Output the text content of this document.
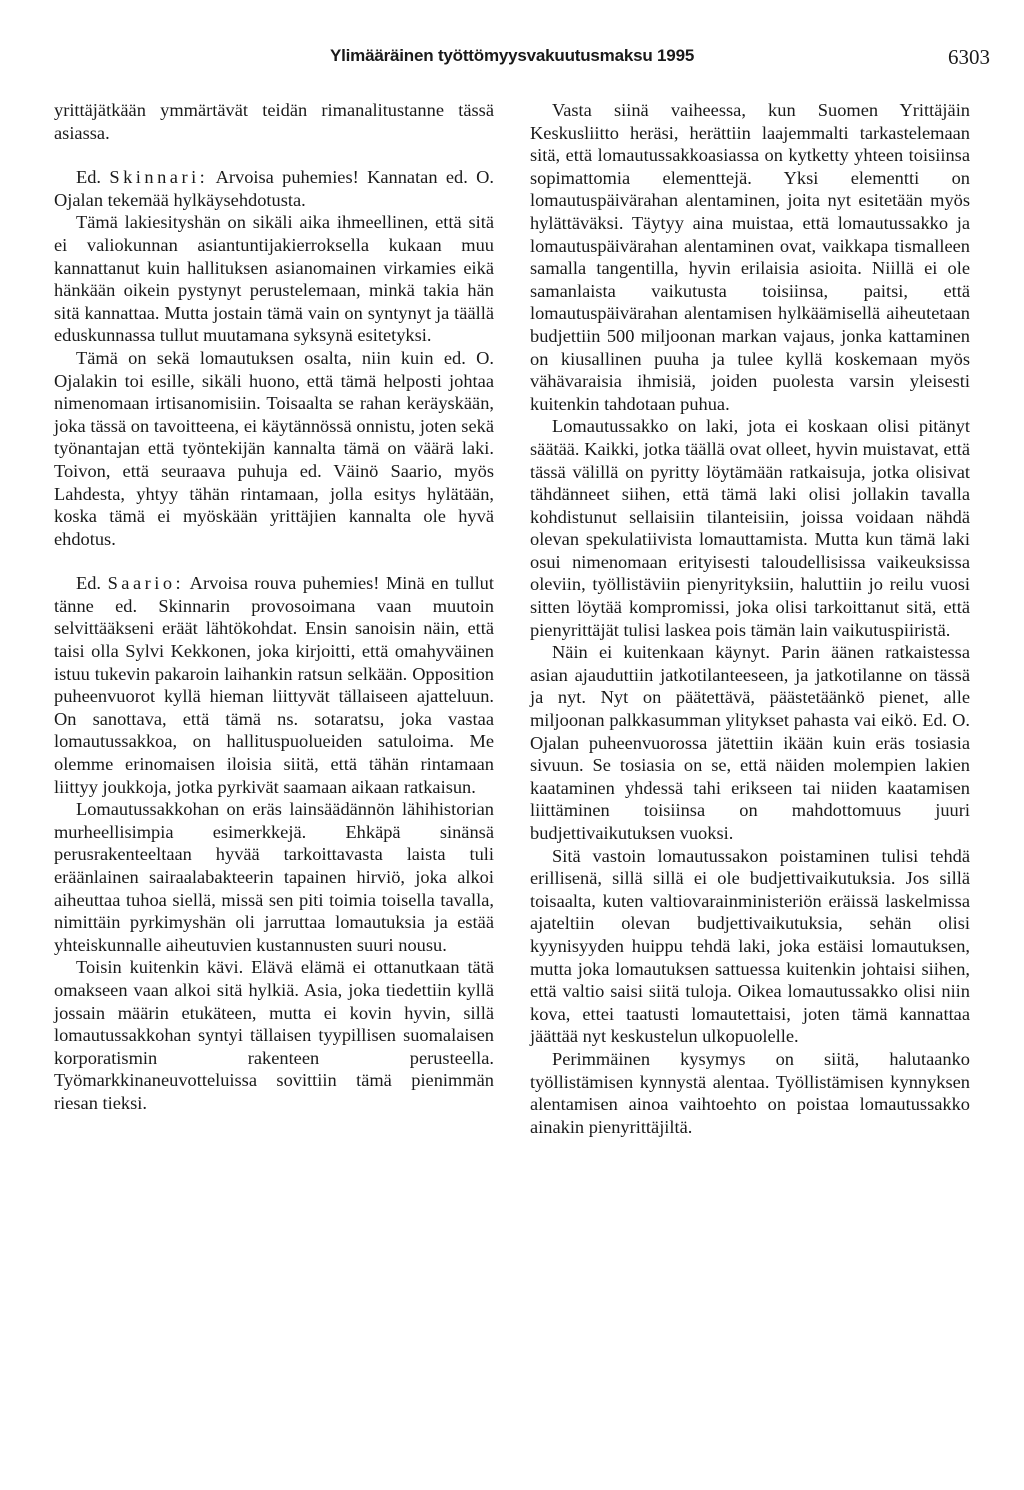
Ylimääräinen työttömyysvakuutusmaksu 1995	6303

yrittäjätkään ymmärtävät teidän rimanalitustanne tässä asiassa.

Ed. Skinnari: Arvoisa puhemies! Kannatan ed. O. Ojalan tekemää hylkäysehdotusta.

Tämä lakiesityshän on sikäli aika ihmeellinen, että sitä ei valiokunnan asiantuntijakierroksella kukaan muu kannattanut kuin hallituksen asianomainen virkamies eikä hänkään oikein pystynyt perustelemaan, minkä takia hän sitä kannattaa. Mutta jostain tämä vain on syntynyt ja täällä eduskunnassa tullut muutamana syksynä esitetyksi.

Tämä on sekä lomautuksen osalta, niin kuin ed. O. Ojalakin toi esille, sikäli huono, että tämä helposti johtaa nimenomaan irtisanomisiin. Toisaalta se rahan keräyskään, joka tässä on tavoitteena, ei käytännössä onnistu, joten sekä työnantajan että työntekijän kannalta tämä on väärä laki. Toivon, että seuraava puhuja ed. Väinö Saario, myös Lahdesta, yhtyy tähän rintamaan, jolla esitys hylätään, koska tämä ei myöskään yrittäjien kannalta ole hyvä ehdotus.

Ed. Saario: Arvoisa rouva puhemies! Minä en tullut tänne ed. Skinnarin provosoimana vaan muutoin selvittääkseni eräät lähtökohdat. Ensin sanoisin näin, että taisi olla Sylvi Kekkonen, joka kirjoitti, että omahyväinen istuu tukevin pakaroin laihankin ratsun selkään. Opposition puheenvuorot kyllä hieman liittyvät tällaiseen ajatteluun. On sanottava, että tämä ns. sotaratsu, joka vastaa lomautussakkoa, on hallituspuolueiden satuloima. Me olemme erinomaisen iloisia siitä, että tähän rintamaan liittyy joukkoja, jotka pyrkivät saamaan aikaan ratkaisun.

Lomautussakkohan on eräs lainsäädännön lähihistorian murheellisimpia esimerkkejä. Ehkäpä sinänsä perusrakenteeltaan hyvää tarkoittavasta laista tuli eräänlainen sairaalabakteerin tapainen hirviö, joka alkoi aiheuttaa tuhoa siellä, missä sen piti toimia toisella tavalla, nimittäin pyrkimyshän oli jarruttaa lomautuksia ja estää yhteiskunnalle aiheutuvien kustannusten suuri nousu.

Toisin kuitenkin kävi. Elävä elämä ei ottanutkaan tätä omakseen vaan alkoi sitä hylkiä. Asia, joka tiedettiin kyllä jossain määrin etukäteen, mutta ei kovin hyvin, sillä lomautussakkohan syntyi tällaisen tyypillisen suomalaisen korporatismin rakenteen perusteella. Työmarkkinaneuvotteluissa sovittiin tämä pienimmän riesan tieksi.

Vasta siinä vaiheessa, kun Suomen Yrittäjäin Keskusliitto heräsi, herättiin laajemmalti tarkastelemaan sitä, että lomautussakkoasiassa on kytketty yhteen toisiinsa sopimattomia elementtejä. Yksi elementti on lomautuspäivärahan alentaminen, joita nyt esitetään myös hylättäväksi. Täytyy aina muistaa, että lomautussakko ja lomautuspäivärahan alentaminen ovat, vaikkapa tismalleen samalla tangentilla, hyvin erilaisia asioita. Niillä ei ole samanlaista vaikutusta toisiinsa, paitsi, että lomautuspäivärahan alentamisen hylkäämisellä aiheutetaan budjettiin 500 miljoonan markan vajaus, jonka kattaminen on kiusallinen puuha ja tulee kyllä koskemaan myös vähävaraisia ihmisiä, joiden puolesta varsin yleisesti kuitenkin tahdotaan puhua.

Lomautussakko on laki, jota ei koskaan olisi pitänyt säätää. Kaikki, jotka täällä ovat olleet, hyvin muistavat, että tässä välillä on pyritty löytämään ratkaisuja, jotka olisivat tähdänneet siihen, että tämä laki olisi jollakin tavalla kohdistunut sellaisiin tilanteisiin, joissa voidaan nähdä olevan spekulatiivista lomauttamista. Mutta kun tämä laki osui nimenomaan erityisesti taloudellisissa vaikeuksissa oleviin, työllistäviin pienyrityksiin, haluttiin jo reilu vuosi sitten löytää kompromissi, joka olisi tarkoittanut sitä, että pienyrittäjät tulisi laskea pois tämän lain vaikutuspiiristä.

Näin ei kuitenkaan käynyt. Parin äänen ratkaistessa asian ajauduttiin jatkotilanteeseen, ja jatkotilanne on tässä ja nyt. Nyt on päätettävä, päästetäänkö pienet, alle miljoonan palkkasumman ylitykset pahasta vai eikö. Ed. O. Ojalan puheenvuorossa jätettiin ikään kuin eräs tosiasia sivuun. Se tosiasia on se, että näiden molempien lakien kaataminen yhdessä tahi erikseen tai niiden kaatamisen liittäminen toisiinsa on mahdottomuus juuri budjettivaikutuksen vuoksi.

Sitä vastoin lomautussakon poistaminen tulisi tehdä erillisenä, sillä sillä ei ole budjettivaikutuksia. Jos sillä toisaalta, kuten valtiovarainministeriön eräissä laskelmissa ajateltiin olevan budjettivaikutuksia, sehän olisi kyynisyyden huippu tehdä laki, joka estäisi lomautuksen, mutta joka lomautuksen sattuessa kuitenkin johtaisi siihen, että valtio saisi siitä tuloja. Oikea lomautussakko olisi niin kova, ettei taatusti lomautettaisi, joten tämä kannattaa jäättää nyt keskustelun ulkopuolelle.

Perimmäinen kysymys on siitä, halutaanko työllistämisen kynnystä alentaa. Työllistämisen kynnyksen alentamisen ainoa vaihtoehto on poistaa lomautussakko ainakin pienyrittäjiltä.
